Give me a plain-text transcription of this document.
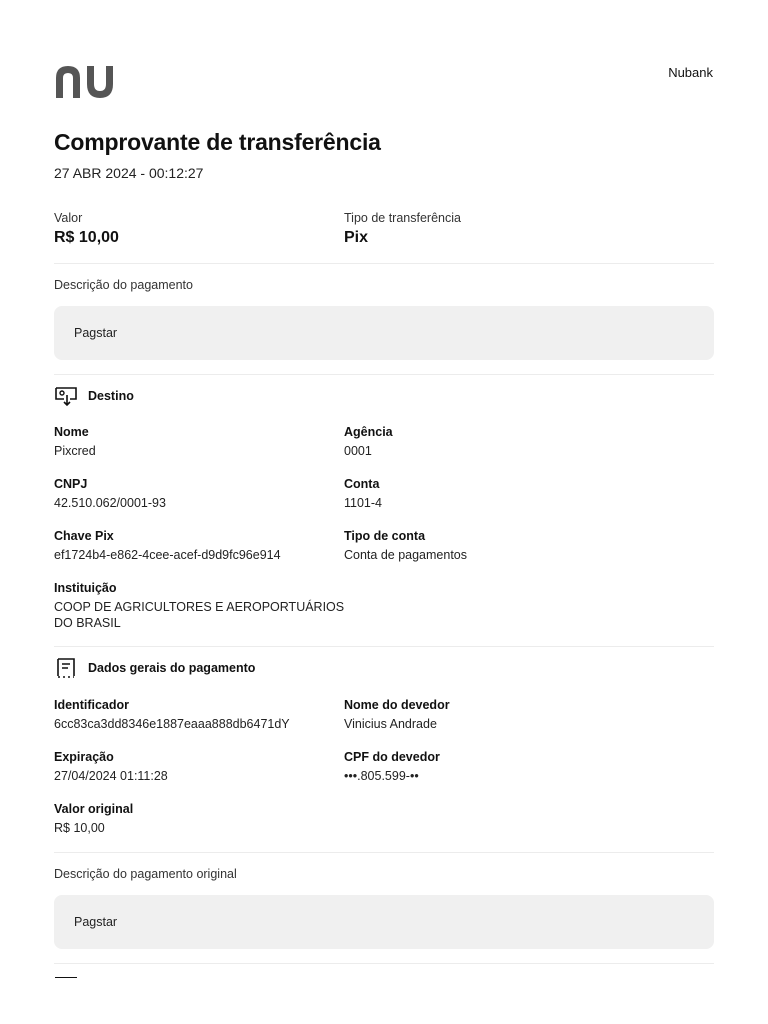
Nubank
Comprovante de transferência
27 ABR 2024 - 00:12:27
Valor
R$ 10,00
Tipo de transferência
Pix
Descrição do pagamento
Pagstar
Destino
Nome
Pixcred
Agência
0001
CNPJ
42.510.062/0001-93
Conta
1101-4
Chave Pix
ef1724b4-e862-4cee-acef-d9d9fc96e914
Tipo de conta
Conta de pagamentos
Instituição
COOP DE AGRICULTORES E AEROPORTUÁRIOS
DO BRASIL
Dados gerais do pagamento
Identificador
6cc83ca3dd8346e1887eaaa888db6471dY
Nome do devedor
Vinicius Andrade
Expiração
27/04/2024 01:11:28
CPF do devedor
•••.805.599-••
Valor original
R$ 10,00
Descrição do pagamento original
Pagstar
